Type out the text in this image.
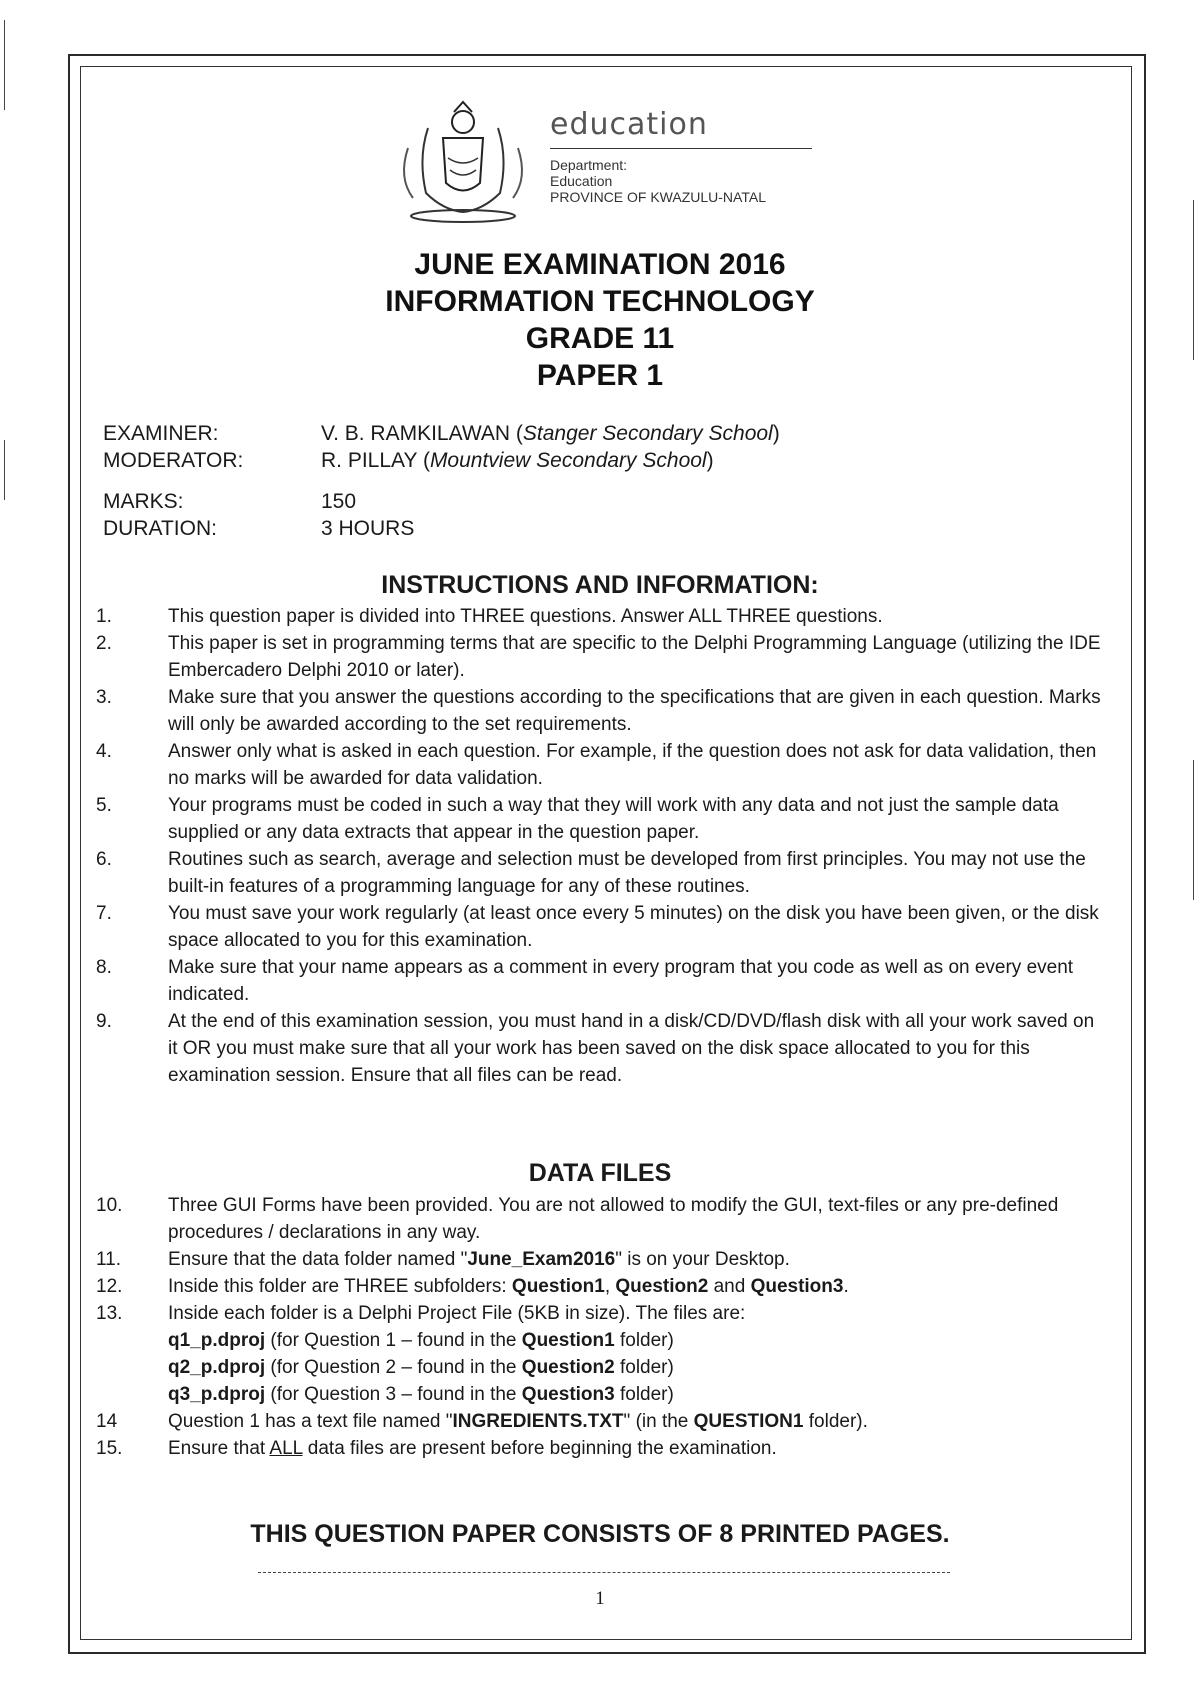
education
Department:
Education
PROVINCE OF KWAZULU-NATAL
JUNE EXAMINATION 2016
INFORMATION TECHNOLOGY
GRADE 11
PAPER 1
EXAMINER:	V. B. RAMKILAWAN (Stanger Secondary School)
MODERATOR:	R. PILLAY (Mountview Secondary School)
MARKS:	150
DURATION:	3 HOURS
INSTRUCTIONS AND INFORMATION:
1.	This question paper is divided into THREE questions. Answer ALL THREE questions.
2.	This paper is set in programming terms that are specific to the Delphi Programming Language (utilizing the IDE Embercadero Delphi 2010 or later).
3.	Make sure that you answer the questions according to the specifications that are given in each question. Marks will only be awarded according to the set requirements.
4.	Answer only what is asked in each question. For example, if the question does not ask for data validation, then no marks will be awarded for data validation.
5.	Your programs must be coded in such a way that they will work with any data and not just the sample data supplied or any data extracts that appear in the question paper.
6.	Routines such as search, average and selection must be developed from first principles. You may not use the built-in features of a programming language for any of these routines.
7.	You must save your work regularly (at least once every 5 minutes) on the disk you have been given, or the disk space allocated to you for this examination.
8.	Make sure that your name appears as a comment in every program that you code as well as on every event indicated.
9.	At the end of this examination session, you must hand in a disk/CD/DVD/flash disk with all your work saved on it OR you must make sure that all your work has been saved on the disk space allocated to you for this examination session. Ensure that all files can be read.
DATA FILES
10.	Three GUI Forms have been provided. You are not allowed to modify the GUI, text-files or any pre-defined procedures / declarations in any way.
11.	Ensure that the data folder named "June_Exam2016" is on your Desktop.
12.	Inside this folder are THREE subfolders: Question1, Question2 and Question3.
13.	Inside each folder is a Delphi Project File (5KB in size). The files are:
q1_p.dproj (for Question 1 – found in the Question1 folder)
q2_p.dproj (for Question 2 – found in the Question2 folder)
q3_p.dproj (for Question 3 – found in the Question3 folder)
14	Question 1 has a text file named "INGREDIENTS.TXT" (in the QUESTION1 folder).
15.	Ensure that ALL data files are present before beginning the examination.
THIS QUESTION PAPER CONSISTS OF 8 PRINTED PAGES.
1
